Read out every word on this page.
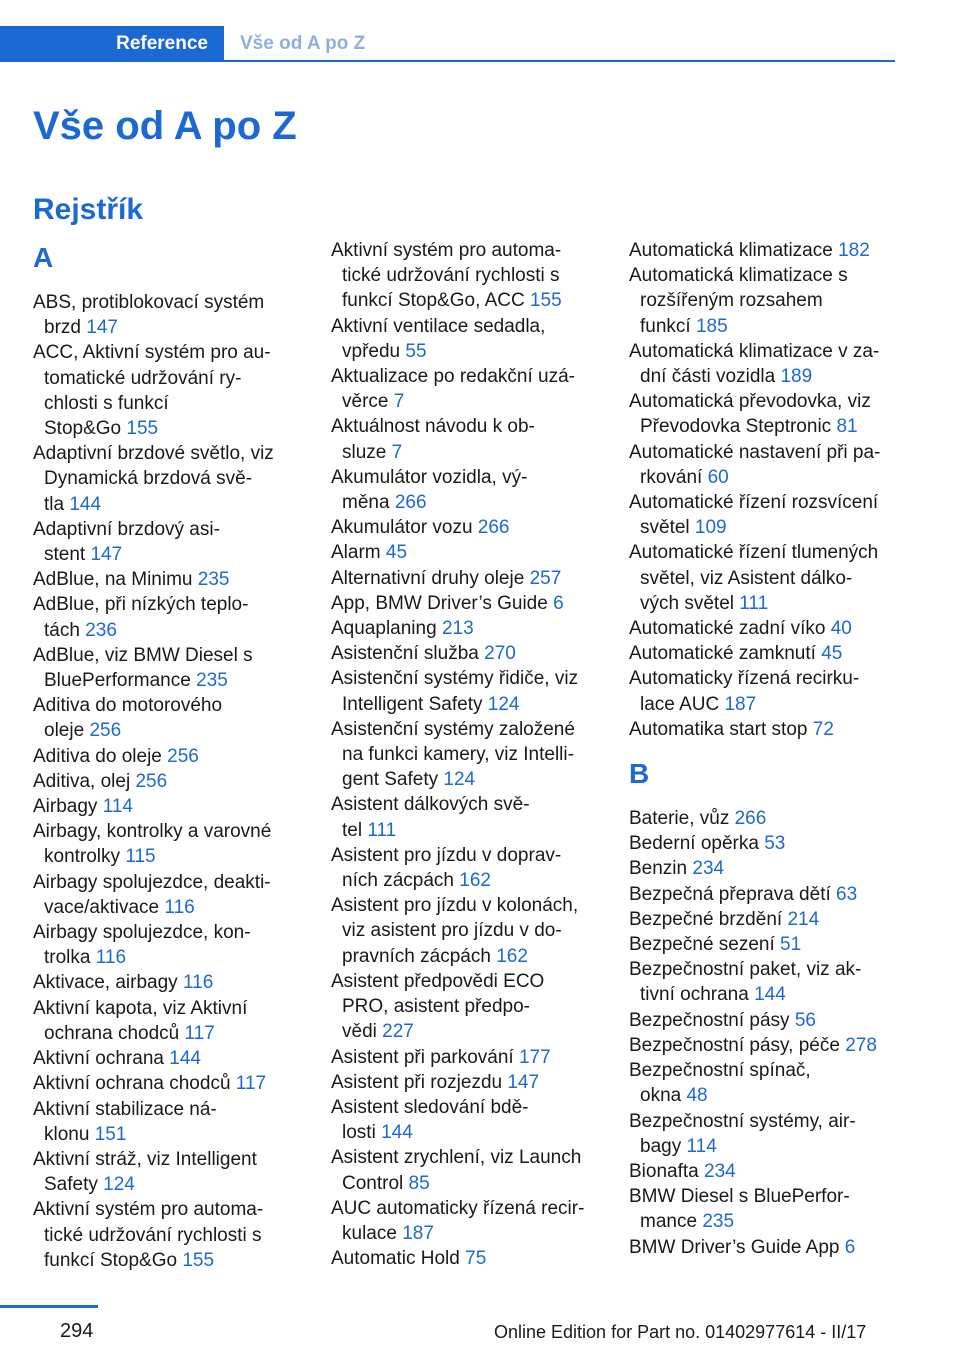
Reference	Vše od A po Z
Vše od A po Z
Rejstřík
A
ABS, protiblokovací systém
brzd 147
ACC, Aktivní systém pro au‐
tomatické udržování ry‐
chlosti s funkcí
Stop&Go 155
Adaptivní brzdové světlo, viz
Dynamická brzdová svě‐
tla 144
Adaptivní brzdový asi‐
stent 147
AdBlue, na Minimu 235
AdBlue, při nízkých teplo‐
tách 236
AdBlue, viz BMW Diesel s
BluePerformance 235
Aditiva do motorového
oleje 256
Aditiva do oleje 256
Aditiva, olej 256
Airbagy 114
Airbagy, kontrolky a varovné
kontrolky 115
Airbagy spolujezdce, deakti‐
vace/aktivace 116
Airbagy spolujezdce, kon‐
trolka 116
Aktivace, airbagy 116
Aktivní kapota, viz Aktivní
ochrana chodců 117
Aktivní ochrana 144
Aktivní ochrana chodců 117
Aktivní stabilizace ná‐
klonu 151
Aktivní stráž, viz Intelligent
Safety 124
Aktivní systém pro automa‐
tické udržování rychlosti s
funkcí Stop&Go 155
Aktivní systém pro automa‐
tické udržování rychlosti s
funkcí Stop&Go, ACC 155
Aktivní ventilace sedadla,
vpředu 55
Aktualizace po redakční uzá‐
věrce 7
Aktuálnost návodu k ob‐
sluze 7
Akumulátor vozidla, vý‐
měna 266
Akumulátor vozu 266
Alarm 45
Alternativní druhy oleje 257
App, BMW Driver’s Guide 6
Aquaplaning 213
Asistenční služba 270
Asistenční systémy řidiče, viz
Intelligent Safety 124
Asistenční systémy založené
na funkci kamery, viz Intelli‐
gent Safety 124
Asistent dálkových svě‐
tel 111
Asistent pro jízdu v doprav‐
ních zácpách 162
Asistent pro jízdu v kolonách,
viz asistent pro jízdu v do‐
pravních zácpách 162
Asistent předpovědi ECO
PRO, asistent předpo‐
vědi 227
Asistent při parkování 177
Asistent při rozjezdu 147
Asistent sledování bdě‐
losti 144
Asistent zrychlení, viz Launch
Control 85
AUC automaticky řízená recir‐
kulace 187
Automatic Hold 75
Automatická klimatizace 182
Automatická klimatizace s
rozšířeným rozsahem
funkcí 185
Automatická klimatizace v za‐
dní části vozidla 189
Automatická převodovka, viz
Převodovka Steptronic 81
Automatické nastavení při pa‐
rkování 60
Automatické řízení rozsvícení
světel 109
Automatické řízení tlumených
světel, viz Asistent dálko‐
vých světel 111
Automatické zadní víko 40
Automatické zamknutí 45
Automaticky řízená recirku‐
lace AUC 187
Automatika start stop 72
B
Baterie, vůz 266
Bederní opěrka 53
Benzin 234
Bezpečná přeprava dětí 63
Bezpečné brzdění 214
Bezpečné sezení 51
Bezpečnostní paket, viz ak‐
tivní ochrana 144
Bezpečnostní pásy 56
Bezpečnostní pásy, péče 278
Bezpečnostní spínač,
okna 48
Bezpečnostní systémy, air‐
bagy 114
Bionafta 234
BMW Diesel s BluePerfor‐
mance 235
BMW Driver’s Guide App 6
294	Online Edition for Part no. 01402977614 - II/17
